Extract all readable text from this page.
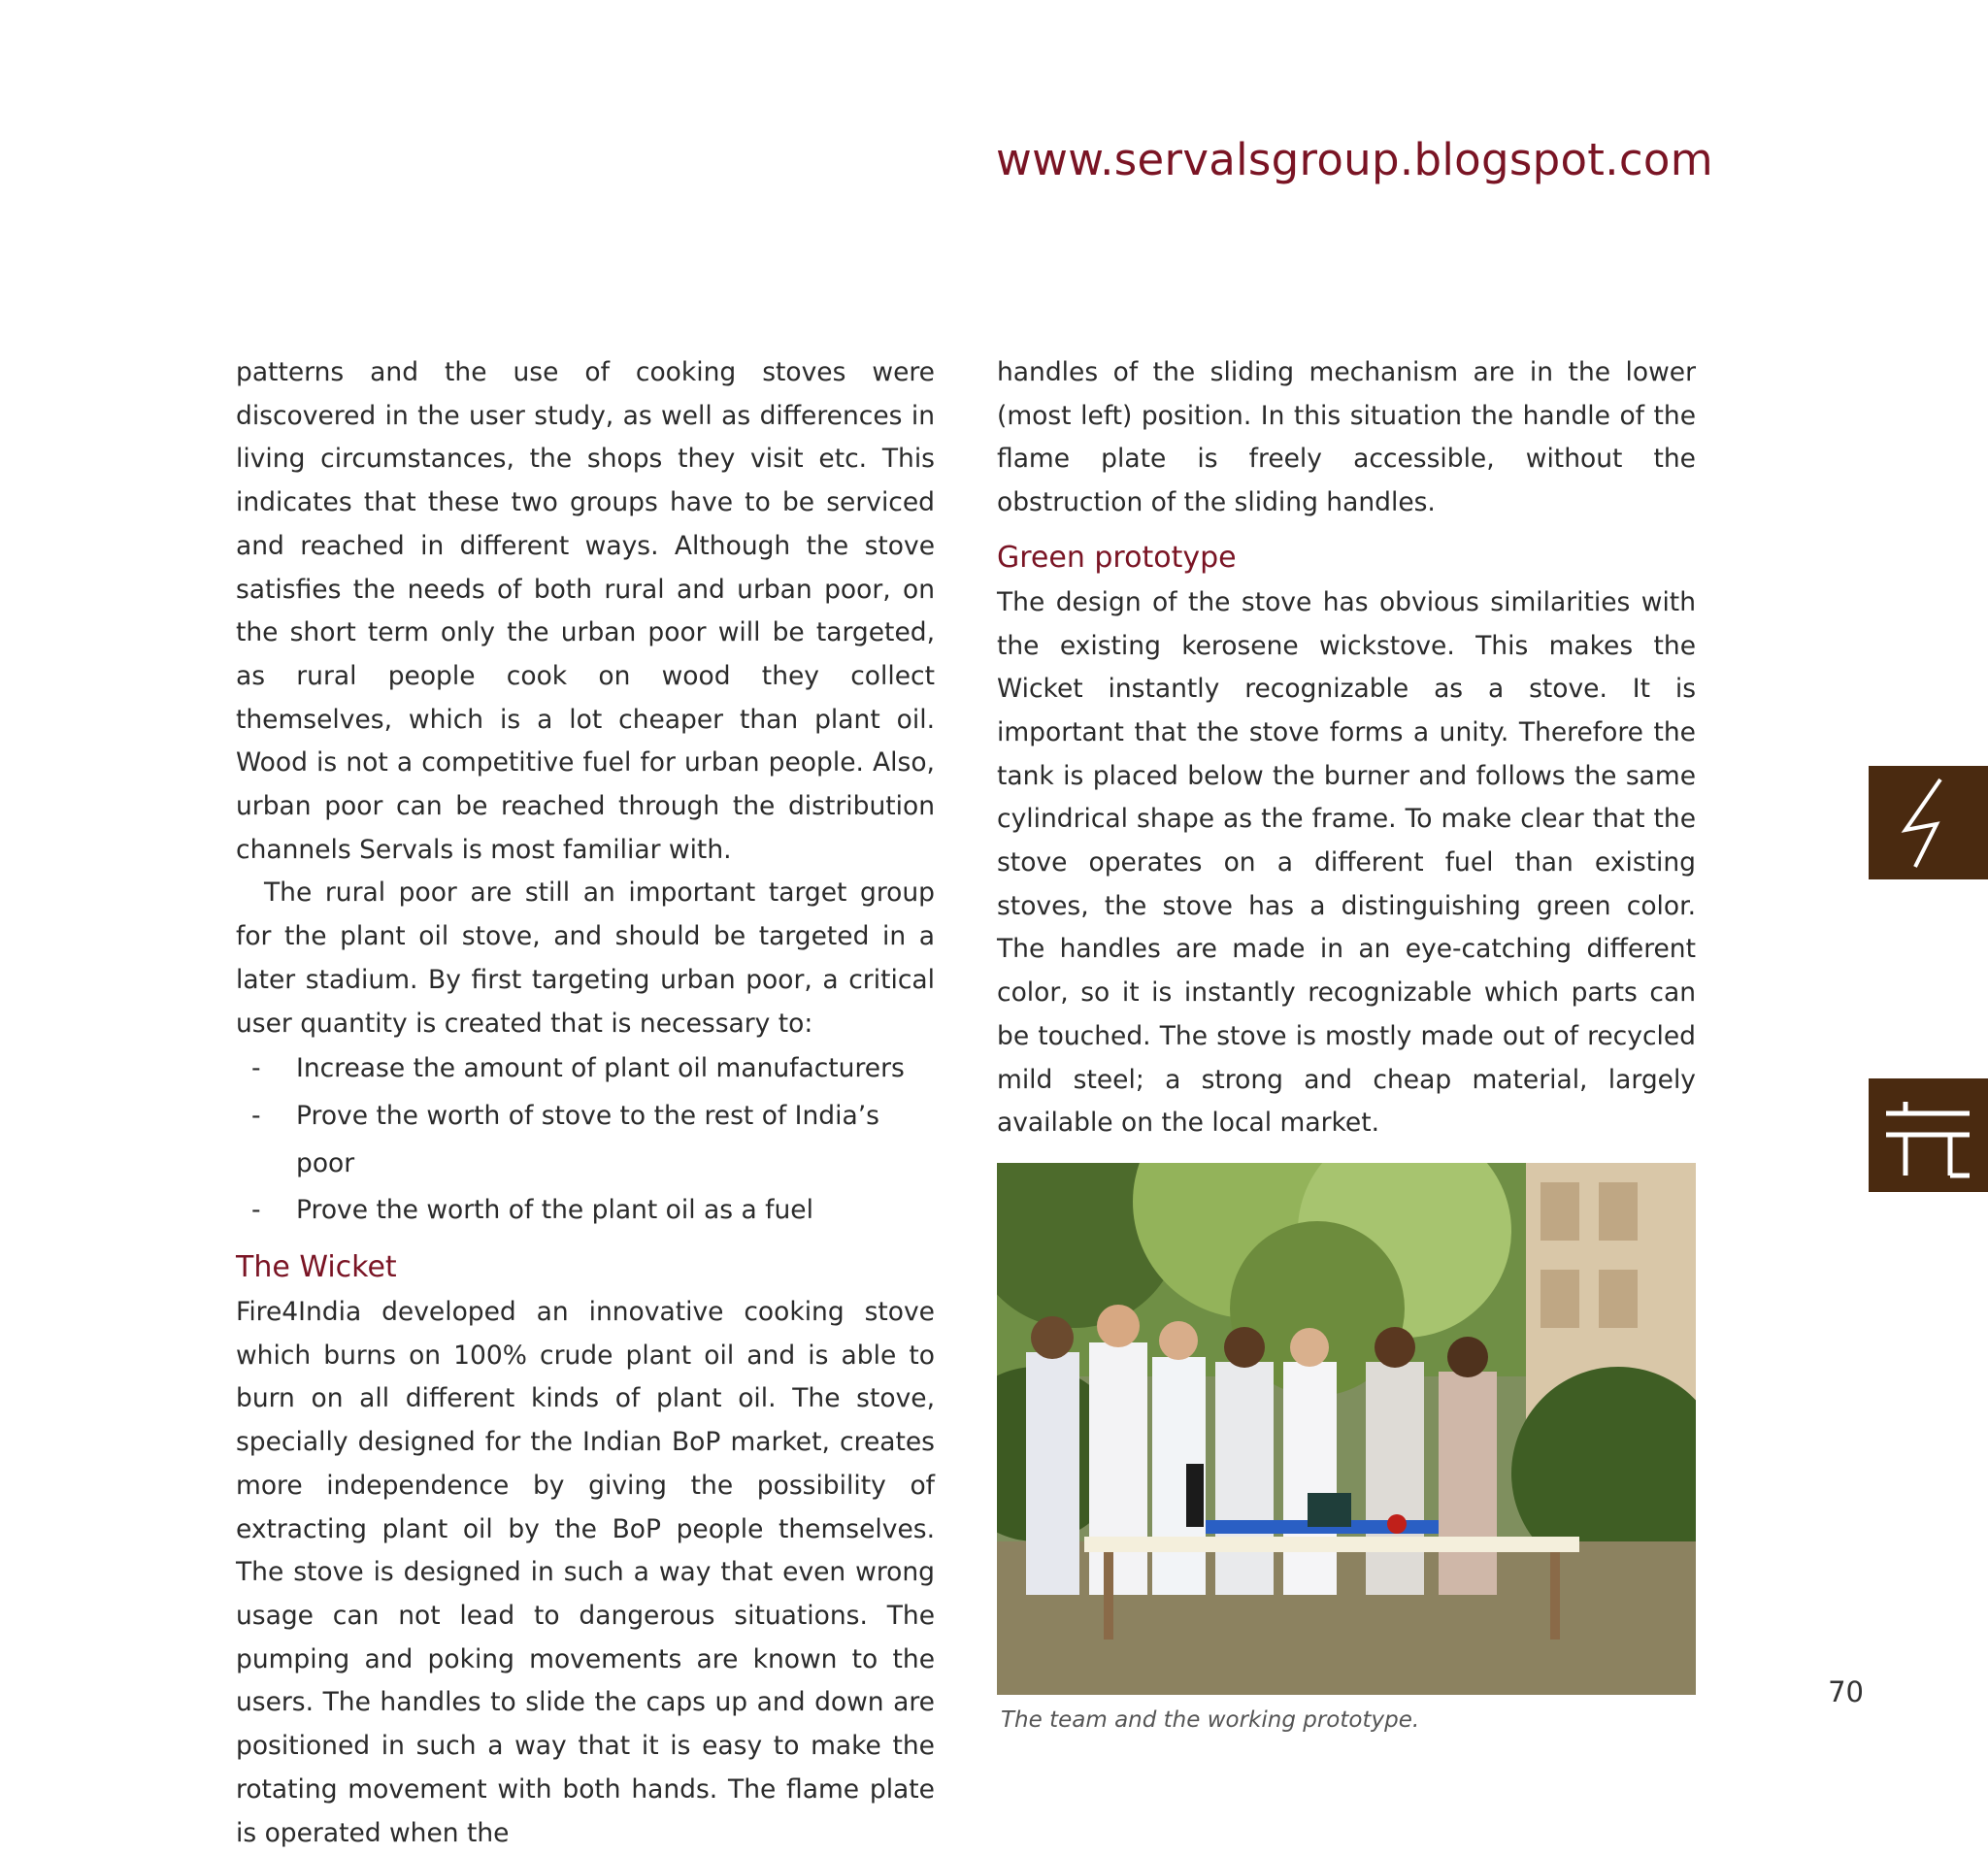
www.servalsgroup.blogspot.com

patterns and the use of cooking stoves were discovered in the user study, as well as differences in living circumstances, the shops they visit etc. This indicates that these two groups have to be serviced and reached in different ways. Although the stove satisfies the needs of both rural and urban poor, on the short term only the urban poor will be targeted, as rural people cook on wood they collect themselves, which is a lot cheaper than plant oil. Wood is not a competitive fuel for urban people. Also, urban poor can be reached through the distribution channels Servals is most familiar with.

The rural poor are still an important target group for the plant oil stove, and should be targeted in a later stadium. By first targeting urban poor, a critical user quantity is created that is necessary to:

- Increase the amount of plant oil manufacturers
- Prove the worth of stove to the rest of India’s poor
- Prove the worth of the plant oil as a fuel
The Wicket

Fire4India developed an innovative cooking stove which burns on 100% crude plant oil and is able to burn on all different kinds of plant oil. The stove, specially designed for the Indian BoP market, creates more independence by giving the possibility of extracting plant oil by the BoP people themselves. The stove is designed in such a way that even wrong usage can not lead to dangerous situations. The pumping and poking movements are known to the users. The handles to slide the caps up and down are positioned in such a way that it is easy to make the rotating movement with both hands. The flame plate is operated when the

handles of the sliding mechanism are in the lower (most left) position. In this situation the handle of the flame plate is freely accessible, without the obstruction of the sliding handles.

Green prototype

The design of the stove has obvious similarities with the existing kerosene wickstove. This makes the Wicket instantly recognizable as a stove. It is important that the stove forms a unity. Therefore the tank is placed below the burner and follows the same cylindrical shape as the frame. To make clear that the stove operates on a different fuel than existing stoves, the stove has a distinguishing green color. The handles are made in an eye-catching different color, so it is instantly recognizable which parts can be touched. The stove is mostly made out of recycled mild steel; a strong and cheap material, largely available on the local market.

The team and the working prototype.
70
